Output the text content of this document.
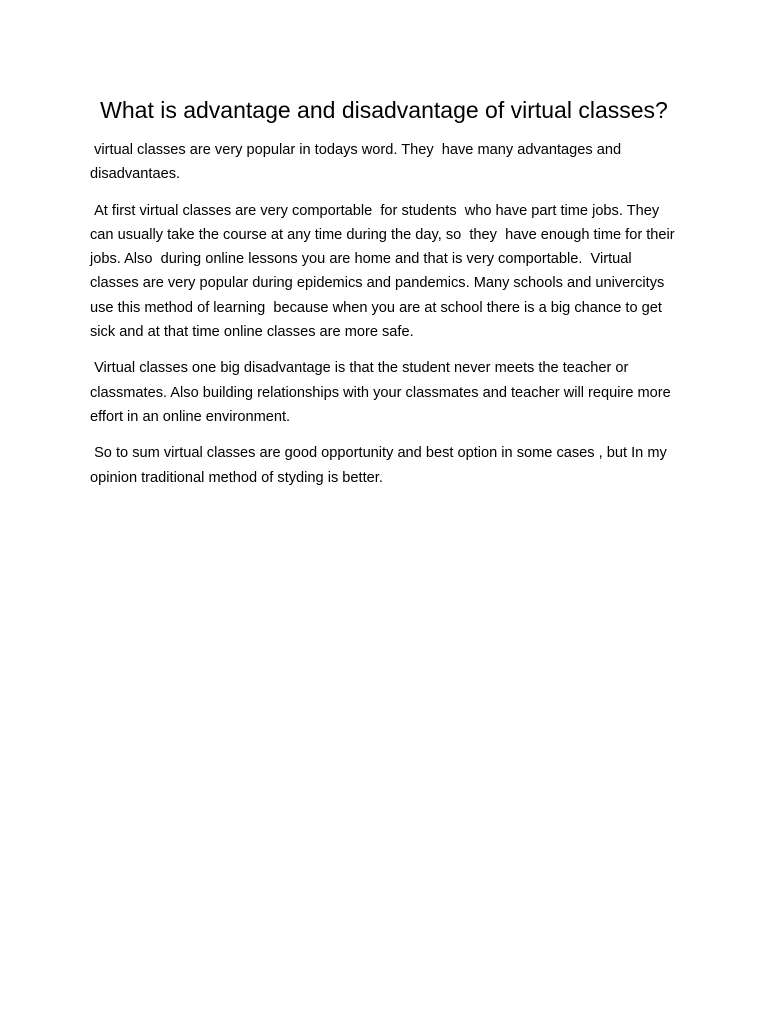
What is advantage and disadvantage of virtual classes?

virtual classes are very popular in todays word. They  have many advantages and disadvantaes.

At first virtual classes are very comportable  for students  who have part time jobs. They can usually take the course at any time during the day, so  they  have enough time for their jobs. Also  during online lessons you are home and that is very comportable.  Virtual classes are very popular during epidemics and pandemics. Many schools and univercitys use this method of learning  because when you are at school there is a big chance to get sick and at that time online classes are more safe.

Virtual classes one big disadvantage is that the student never meets the teacher or classmates. Also building relationships with your classmates and teacher will require more effort in an online environment.

So to sum virtual classes are good opportunity and best option in some cases , but In my opinion traditional method of styding is better.
